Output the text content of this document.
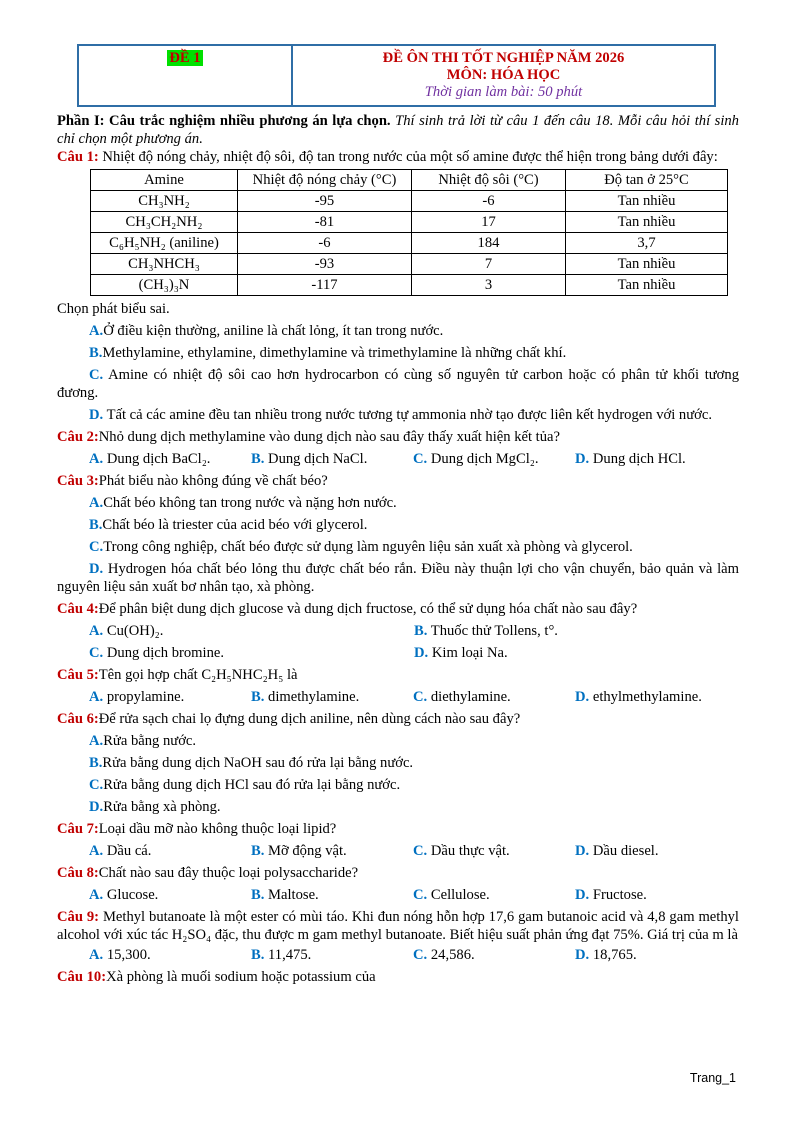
ĐỀ 1	ĐỀ ÔN THI TỐT NGHIỆP NĂM 2026
MÔN: HÓA HỌC
Thời gian làm bài: 50 phút

Phần I: Câu trắc nghiệm nhiều phương án lựa chọn. Thí sinh trả lời từ câu 1 đến câu 18. Mỗi câu hỏi thí sinh chỉ chọn một phương án.

Câu 1: Nhiệt độ nóng chảy, nhiệt độ sôi, độ tan trong nước của một số amine được thể hiện trong bảng dưới đây:

Amine	Nhiệt độ nóng chảy (°C)	Nhiệt độ sôi (°C)	Độ tan ở 25°C
CH₃NH₂	-95	-6	Tan nhiều
CH₃CH₂NH₂	-81	17	Tan nhiều
C₆H₅NH₂ (aniline)	-6	184	3,7
CH₃NHCH₃	-93	7	Tan nhiều
(CH₃)₃N	-117	3	Tan nhiều
Chọn phát biểu sai.
A. Ở điều kiện thường, aniline là chất lỏng, ít tan trong nước.
B. Methylamine, ethylamine, dimethylamine và trimethylamine là những chất khí.

C. Amine có nhiệt độ sôi cao hơn hydrocarbon có cùng số nguyên tử carbon hoặc có phân tử khối tương đương.

D. Tất cả các amine đều tan nhiều trong nước tương tự ammonia nhờ tạo được liên kết hydrogen với nước.

Câu 2: Nhỏ dung dịch methylamine vào dung dịch nào sau đây thấy xuất hiện kết tủa?
A. Dung dịch BaCl₂.	B. Dung dịch NaCl.	C. Dung dịch MgCl₂.	D. Dung dịch HCl.
Câu 3: Phát biểu nào không đúng về chất béo?
A. Chất béo không tan trong nước và nặng hơn nước.
B. Chất béo là triester của acid béo với glycerol.
C. Trong công nghiệp, chất béo được sử dụng làm nguyên liệu sản xuất xà phòng và glycerol.

D. Hydrogen hóa chất béo lỏng thu được chất béo rắn. Điều này thuận lợi cho vận chuyển, bảo quản và làm nguyên liệu sản xuất bơ nhân tạo, xà phòng.

Câu 4: Để phân biệt dung dịch glucose và dung dịch fructose, có thể sử dụng hóa chất nào sau đây?
A. Cu(OH)₂.	B. Thuốc thử Tollens, t°.
C. Dung dịch bromine.	D. Kim loại Na.
Câu 5: Tên gọi hợp chất C₂H₅NHC₂H₅ là
A. propylamine.	B. dimethylamine.	C. diethylamine.	D. ethylmethylamine.
Câu 6: Để rửa sạch chai lọ đựng dung dịch aniline, nên dùng cách nào sau đây?
A. Rửa bằng nước.
B. Rửa bằng dung dịch NaOH sau đó rửa lại bằng nước.
C. Rửa bằng dung dịch HCl sau đó rửa lại bằng nước.
D. Rửa bằng xà phòng.
Câu 7: Loại dầu mỡ nào không thuộc loại lipid?
A. Dầu cá.	B. Mỡ động vật.	C. Dầu thực vật.	D. Dầu diesel.
Câu 8: Chất nào sau đây thuộc loại polysaccharide?
A. Glucose.	B. Maltose.	C. Cellulose.	D. Fructose.

Câu 9: Methyl butanoate là một ester có mùi táo. Khi đun nóng hỗn hợp 17,6 gam butanoic acid và 4,8 gam methyl alcohol với xúc tác H₂SO₄ đặc, thu được m gam methyl butanoate. Biết hiệu suất phản ứng đạt 75%. Giá trị của m là

A. 15,300.	B. 11,475.	C. 24,586.	D. 18,765.
Câu 10: Xà phòng là muối sodium hoặc potassium của
Trang_1
